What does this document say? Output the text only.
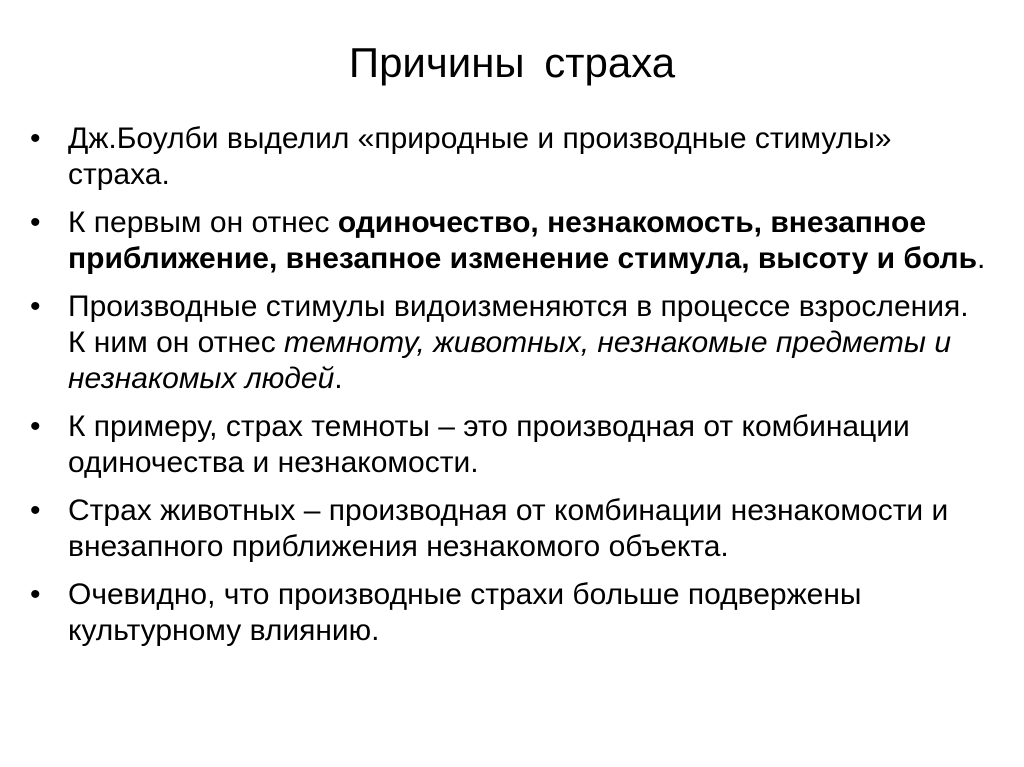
Причины страха
• Дж.Боулби выделил «природные и производные стимулы» страха.
• К первым он отнес одиночество, незнакомость, внезапное приближение, внезапное изменение стимула, высоту и боль.
• Производные стимулы видоизменяются в процессе взросления. К ним он отнес темноту, животных, незнакомые предметы и незнакомых людей.
• К примеру, страх темноты – это производная от комбинации одиночества и незнакомости.
• Страх животных – производная от комбинации незнакомости и внезапного приближения незнакомого объекта.
• Очевидно, что производные страхи больше подвержены культурному влиянию.
